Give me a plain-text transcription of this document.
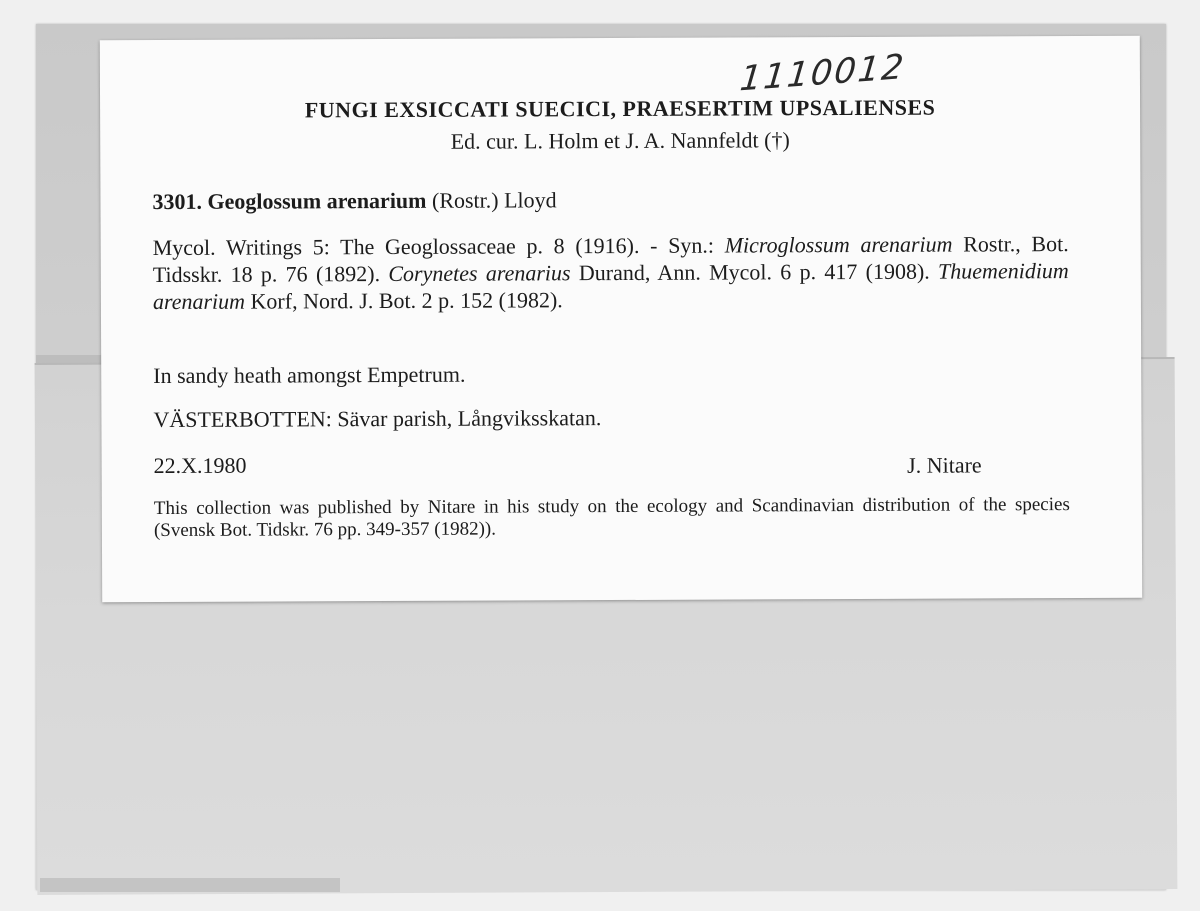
1110012
FUNGI EXSICCATI SUECICI, PRAESERTIM UPSALIENSES
Ed. cur. L. Holm et J. A. Nannfeldt (†)
3301. Geoglossum arenarium (Rostr.) Lloyd
Mycol. Writings 5: The Geoglossaceae p. 8 (1916). - Syn.: Microglossum arenarium Rostr., Bot. Tidsskr. 18 p. 76 (1892). Corynetes arenarius Durand, Ann. Mycol. 6 p. 417 (1908). Thuemenidium arenarium Korf, Nord. J. Bot. 2 p. 152 (1982).
In sandy heath amongst Empetrum.
VÄSTERBOTTEN: Sävar parish, Långviksskatan.
22.X.1980	J. Nitare
This collection was published by Nitare in his study on the ecology and Scandinavian distribution of the species (Svensk Bot. Tidskr. 76 pp. 349-357 (1982)).
